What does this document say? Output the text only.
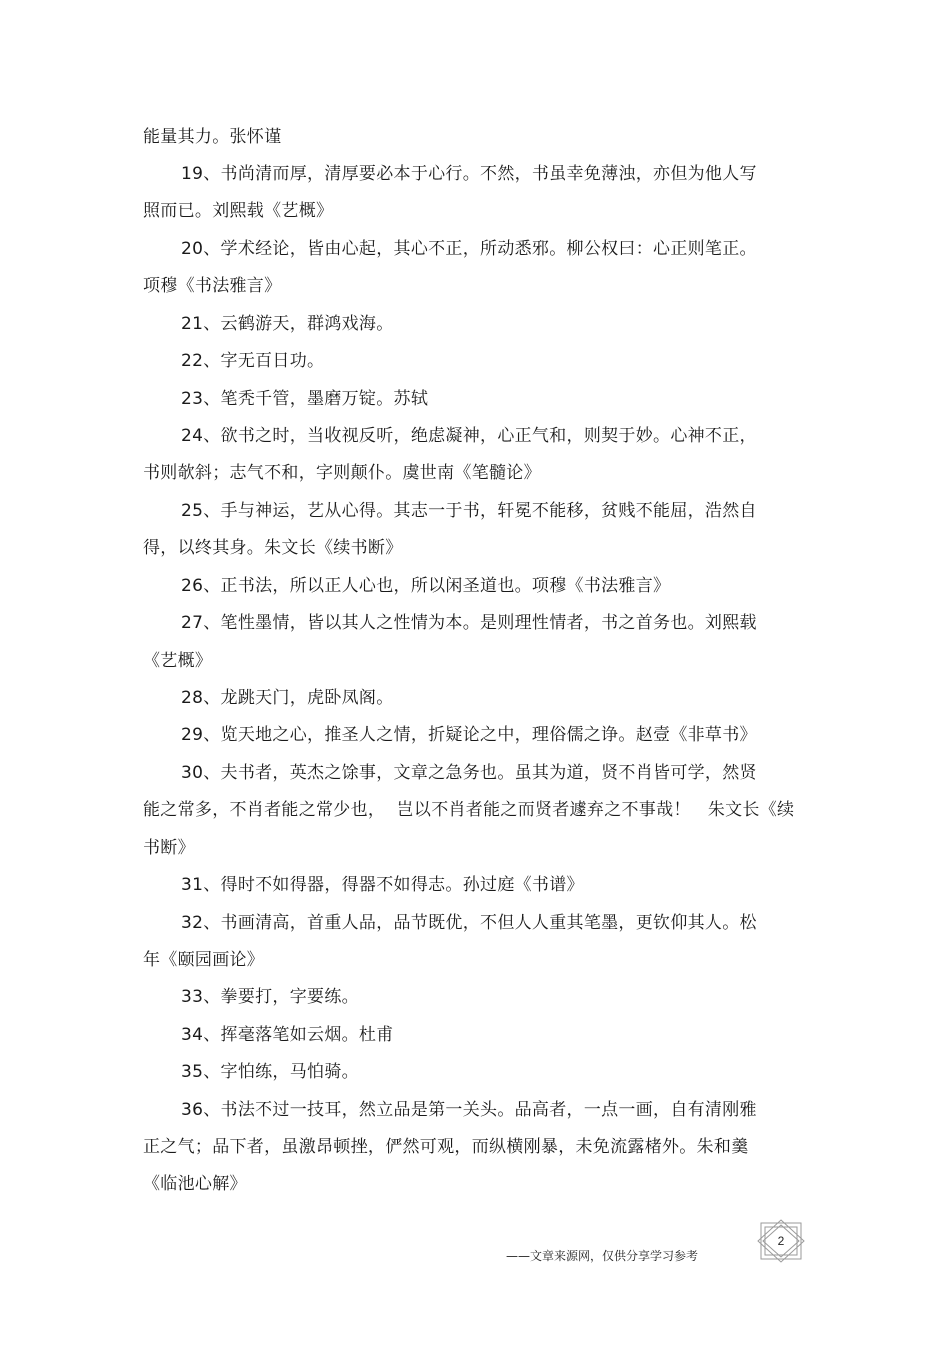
能量其力。张怀谨
19、书尚清而厚，清厚要必本于心行。不然，书虽幸免薄浊，亦但为他人写
照而已。刘熙载《艺概》
20、学术经论，皆由心起，其心不正，所动悉邪。柳公权曰：心正则笔正。
项穆《书法雅言》
21、云鹤游天，群鸿戏海。
22、字无百日功。
23、笔秃千管，墨磨万锭。苏轼
24、欲书之时，当收视反听，绝虑凝神，心正气和，则契于妙。心神不正，
书则欹斜；志气不和，字则颠仆。虞世南《笔髓论》
25、手与神运，艺从心得。其志一于书，轩冕不能移，贫贱不能屈，浩然自
得，以终其身。朱文长《续书断》
26、正书法，所以正人心也，所以闲圣道也。项穆《书法雅言》
27、笔性墨情，皆以其人之性情为本。是则理性情者，书之首务也。刘熙载
《艺概》
28、龙跳天门，虎卧凤阁。
29、览天地之心，推圣人之情，折疑论之中，理俗儒之诤。赵壹《非草书》
30、夫书者，英杰之馀事，文章之急务也。虽其为道，贤不肖皆可学，然贤
能之常多，不肖者能之常少也，  岂以不肖者能之而贤者遽弃之不事哉！   朱文长《续
书断》
31、得时不如得器，得器不如得志。孙过庭《书谱》
32、书画清高，首重人品，品节既优，不但人人重其笔墨，更钦仰其人。松
年《颐园画论》
33、拳要打，字要练。
34、挥毫落笔如云烟。杜甫
35、字怕练，马怕骑。
36、书法不过一技耳，然立品是第一关头。品高者，一点一画，自有清刚雅
正之气；品下者，虽激昂顿挫，俨然可观，而纵横刚暴，未免流露楮外。朱和羹
《临池心解》
——文章来源网，仅供分享学习参考
2
